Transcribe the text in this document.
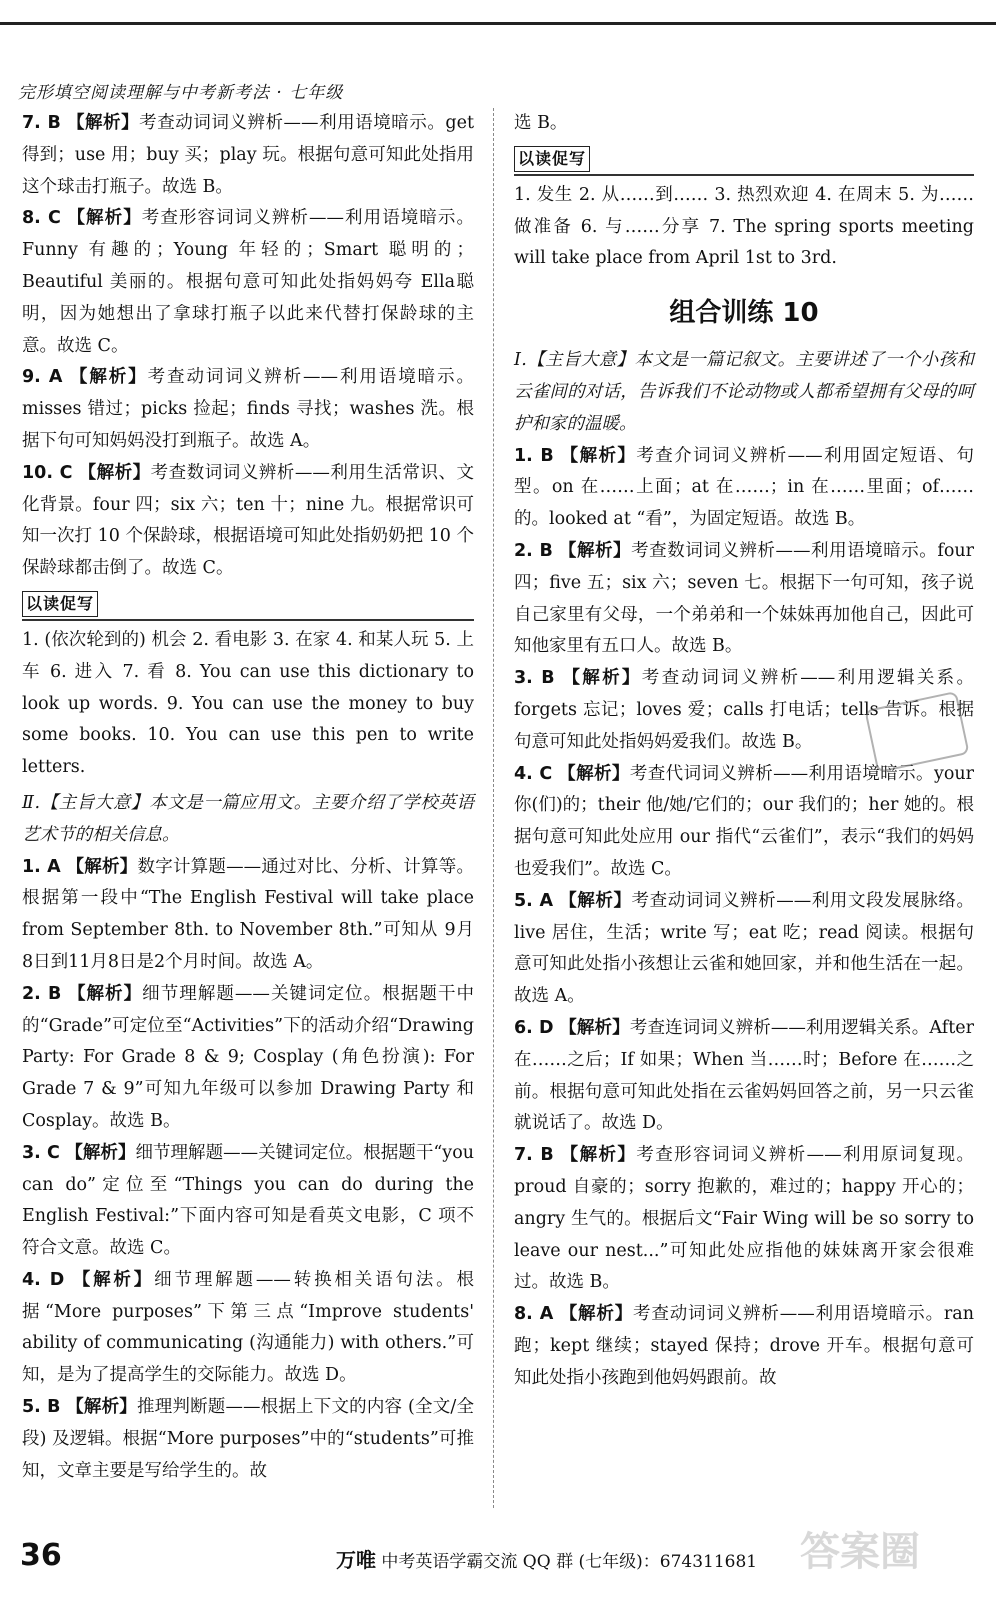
完形填空阅读理解与中考新考法 · 七年级

7. B 【解析】考查动词词义辨析——利用语境暗示。get 得到；use 用；buy 买；play 玩。根据句意可知此处指用这个球击打瓶子。故选 B。

8. C 【解析】考查形容词词义辨析——利用语境暗示。Funny 有趣的；Young 年轻的；Smart 聪明的；Beautiful 美丽的。根据句意可知此处指妈妈夸 Ella聪明，因为她想出了拿球打瓶子以此来代替打保龄球的主意。故选 C。

9. A 【解析】考查动词词义辨析——利用语境暗示。misses 错过；picks 捡起；finds 寻找；washes 洗。根据下句可知妈妈没打到瓶子。故选 A。

10. C 【解析】考查数词词义辨析——利用生活常识、文化背景。four 四；six 六；ten 十；nine 九。根据常识可知一次打 10 个保龄球，根据语境可知此处指奶奶把 10 个保龄球都击倒了。故选 C。

以读促写

1. (依次轮到的) 机会 2. 看电影 3. 在家 4. 和某人玩 5. 上车 6. 进入 7. 看 8. You can use this dictionary to look up words. 9. You can use the money to buy some books. 10. You can use this pen to write letters.

Ⅱ.【主旨大意】本文是一篇应用文。主要介绍了学校英语艺术节的相关信息。

1. A 【解析】数字计算题——通过对比、分析、计算等。根据第一段中“The English Festival will take place from September 8th. to November 8th.”可知从 9月8日到11月8日是2个月时间。故选 A。

2. B 【解析】细节理解题——关键词定位。根据题干中的“Grade”可定位至“Activities”下的活动介绍“Drawing Party: For Grade 8 & 9; Cosplay (角色扮演): For Grade 7 & 9”可知九年级可以参加 Drawing Party 和 Cosplay。故选 B。

3. C 【解析】细节理解题——关键词定位。根据题干“you can do”定位至“Things you can do during the English Festival:”下面内容可知是看英文电影，C 项不符合文意。故选 C。

4. D 【解析】细节理解题——转换相关语句法。根据“More purposes”下第三点“Improve students' ability of communicating (沟通能力) with others.”可知，是为了提高学生的交际能力。故选 D。

5. B 【解析】推理判断题——根据上下文的内容 (全文/全段) 及逻辑。根据“More purposes”中的“students”可推知，文章主要是写给学生的。故

选 B。

以读促写

1. 发生 2. 从……到…… 3. 热烈欢迎 4. 在周末 5. 为……做准备 6. 与……分享 7. The spring sports meeting will take place from April 1st to 3rd.

组合训练 10

Ⅰ.【主旨大意】本文是一篇记叙文。主要讲述了一个小孩和云雀间的对话，告诉我们不论动物或人都希望拥有父母的呵护和家的温暖。

1. B 【解析】考查介词词义辨析——利用固定短语、句型。on 在……上面；at 在……；in 在……里面；of…… 的。looked at “看”，为固定短语。故选 B。

2. B 【解析】考查数词词义辨析——利用语境暗示。four 四；five 五；six 六；seven 七。根据下一句可知，孩子说自己家里有父母，一个弟弟和一个妹妹再加他自己，因此可知他家里有五口人。故选 B。

3. B 【解析】考查动词词义辨析——利用逻辑关系。forgets 忘记；loves 爱；calls 打电话；tells 告诉。根据句意可知此处指妈妈爱我们。故选 B。

4. C 【解析】考查代词词义辨析——利用语境暗示。your 你(们)的；their 他/她/它们的；our 我们的；her 她的。根据句意可知此处应用 our 指代“云雀们”，表示“我们的妈妈也爱我们”。故选 C。

5. A 【解析】考查动词词义辨析——利用文段发展脉络。live 居住，生活；write 写；eat 吃；read 阅读。根据句意可知此处指小孩想让云雀和她回家，并和他生活在一起。故选 A。

6. D 【解析】考查连词词义辨析——利用逻辑关系。After 在……之后；If 如果；When 当……时；Before 在……之前。根据句意可知此处指在云雀妈妈回答之前，另一只云雀就说话了。故选 D。

7. B 【解析】考查形容词词义辨析——利用原词复现。proud 自豪的；sorry 抱歉的，难过的；happy 开心的；angry 生气的。根据后文“Fair Wing will be so sorry to leave our nest...”可知此处应指他的妹妹离开家会很难过。故选 B。

8. A 【解析】考查动词词义辨析——利用语境暗示。ran 跑；kept 继续；stayed 保持；drove 开车。根据句意可知此处指小孩跑到他妈妈跟前。故

36	万唯 中考英语学霸交流 QQ 群 (七年级)：674311681 答案圈
